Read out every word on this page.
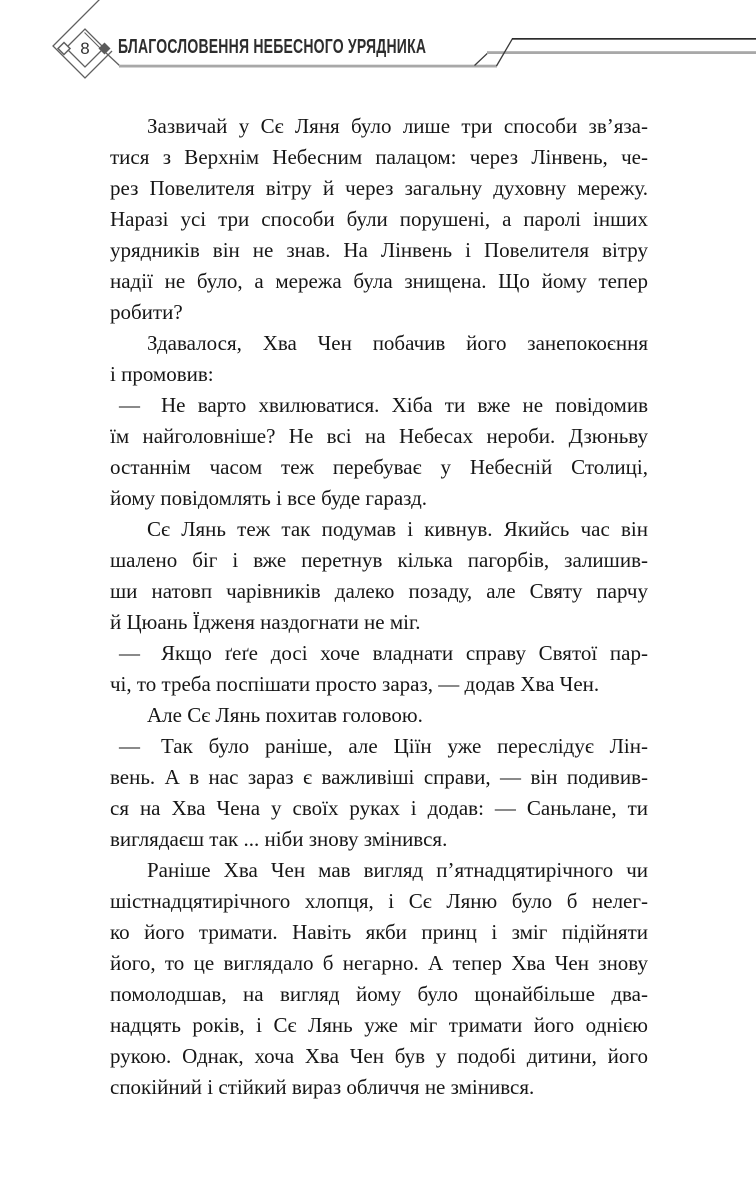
8 БЛАГОСЛОВЕННЯ НЕБЕСНОГО УРЯДНИКА
Зазвичай у Сє Ляня було лише три способи зв’яза-
тися з Верхнім Небесним палацом: через Лінвень, че-
рез Повелителя вітру й через загальну духовну мережу.
Наразі усі три способи були порушені, а паролі інших
урядників він не знав. На Лінвень і Повелителя вітру
надії не було, а мережа була знищена. Що йому тепер
робити?
Здавалося, Хва Чен побачив його занепокоєння
і промовив:
— Не варто хвилюватися. Хіба ти вже не повідомив
їм найголовніше? Не всі на Небесах нероби. Дзюньву
останнім часом теж перебуває у Небесній Столиці,
йому повідомлять і все буде гаразд.
Сє Лянь теж так подумав і кивнув. Якийсь час він
шалено біг і вже перетнув кілька пагорбів, залишив-
ши натовп чарівників далеко позаду, але Святу парчу
й Цюань Їдженя наздогнати не міг.
— Якщо ґеґе досі хоче владнати справу Святої пар-
чі, то треба поспішати просто зараз, — додав Хва Чен.
Але Сє Лянь похитав головою.
— Так було раніше, але Ціїн уже переслідує Лін-
вень. А в нас зараз є важливіші справи, — він подивив-
ся на Хва Чена у своїх руках і додав: — Саньлане, ти
виглядаєш так ... ніби знову змінився.
Раніше Хва Чен мав вигляд п’ятнадцятирічного чи
шістнадцятирічного хлопця, і Сє Ляню було б нелег-
ко його тримати. Навіть якби принц і зміг підійняти
його, то це виглядало б негарно. А тепер Хва Чен знову
помолодшав, на вигляд йому було щонайбільше два-
надцять років, і Сє Лянь уже міг тримати його однією
рукою. Однак, хоча Хва Чен був у подобі дитини, його
спокійний і стійкий вираз обличчя не змінився.
